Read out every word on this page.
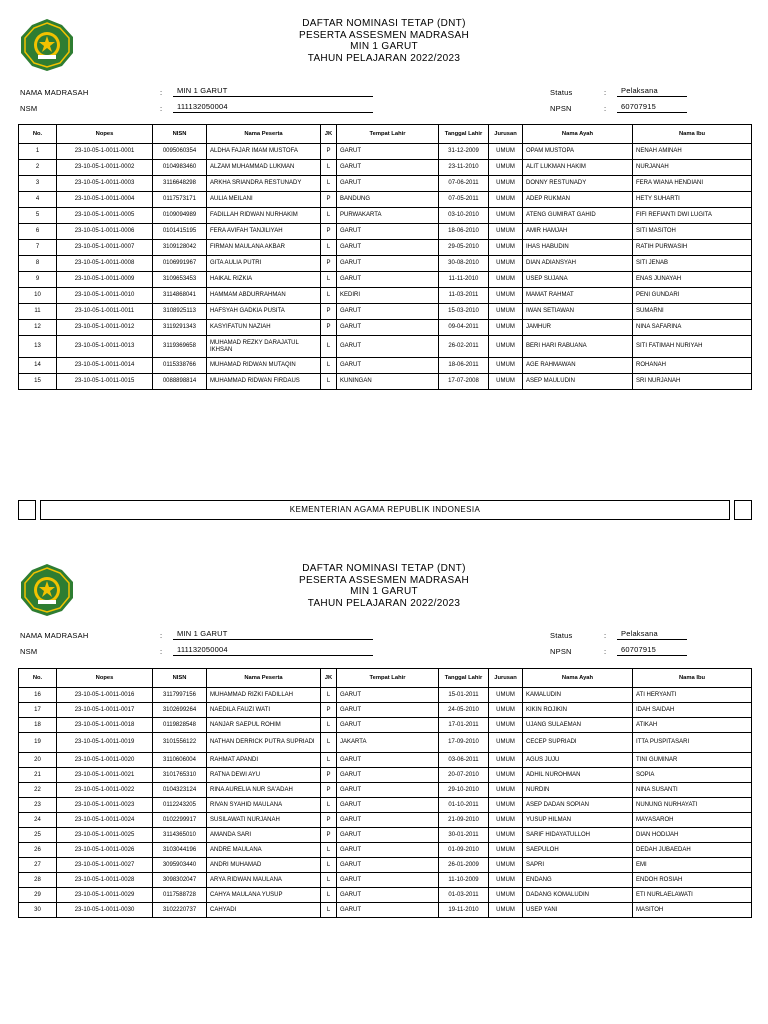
DAFTAR NOMINASI TETAP (DNT)
PESERTA ASSESMEN MADRASAH
MIN 1 GARUT
TAHUN PELAJARAN 2022/2023
NAMA MADRASAH	: MIN 1 GARUT
NSM	: 111132050004
Status	: Pelaksana
NPSN	: 60707915
No.	Nopes	NISN	Nama Peserta	JK	Tempat Lahir	Tanggal Lahir	Jurusan	Nama Ayah	Nama Ibu
1	23-10-05-1-0011-0001	0095060354	ALDHA FAJAR IMAM MUSTOFA	P	GARUT	31-12-2009	UMUM	OPAM MUSTOPA	NENAH AMINAH
2	23-10-05-1-0011-0002	0104983460	ALZAM MUHAMMAD LUKMAN	L	GARUT	23-11-2010	UMUM	ALIT LUKMAN HAKIM	NURJANAH
3	23-10-05-1-0011-0003	3116648298	ARKHA SRIANDRA RESTUNADY	L	GARUT	07-06-2011	UMUM	DONNY RESTUNADY	FERA WIANA HENDIANI
4	23-10-05-1-0011-0004	0117573171	AULIA MEILANI	P	BANDUNG	07-05-2011	UMUM	ADEP RUKMAN	HETY SUHARTI
5	23-10-05-1-0011-0005	0109094989	FADILLAH RIDWAN NURHAKIM	L	PURWAKARTA	03-10-2010	UMUM	ATENG GUMIRAT GAHID	FIFI REFIANTI DWI LUGITA
6	23-10-05-1-0011-0006	0101415195	FERA AVIFAH TANJILIYAH	P	GARUT	18-06-2010	UMUM	AMIR HAMJAH	SITI MASITOH
7	23-10-05-1-0011-0007	3109128042	FIRMAN MAULANA AKBAR	L	GARUT	29-05-2010	UMUM	IHAS HABUDIN	RATIH PURWASIH
8	23-10-05-1-0011-0008	0106991967	GITA AULIA PUTRI	P	GARUT	30-08-2010	UMUM	DIAN ADIANSYAH	SITI JENAB
9	23-10-05-1-0011-0009	3109653453	HAIKAL RIZKIA	L	GARUT	11-11-2010	UMUM	USEP SUJANA	ENAS JUNAYAH
10	23-10-05-1-0011-0010	3114868041	HAMMAM ABDURRAHMAN	L	KEDIRI	11-03-2011	UMUM	MAMAT RAHMAT	PENI GUNDARI
11	23-10-05-1-0011-0011	3108925113	HAFSYAH GADKIA PUSITA	P	GARUT	15-03-2010	UMUM	IWAN SETIAWAN	SUMARNI
12	23-10-05-1-0011-0012	3119291343	KASYIFATUN NAZIAH	P	GARUT	09-04-2011	UMUM	JAMHUR	NINA SAFARINA
13	23-10-05-1-0011-0013	3119369658	MUHAMAD REZKY DARAJATUL IKHSAN	L	GARUT	26-02-2011	UMUM	BERI HARI RABUANA	SITI FATIMAH NURIYAH
14	23-10-05-1-0011-0014	0115338766	MUHAMAD RIDWAN MUTAQIN	L	GARUT	18-06-2011	UMUM	AGE RAHMAWAN	ROHANAH
15	23-10-05-1-0011-0015	0088898814	MUHAMMAD RIDWAN FIRDAUS	L	KUNINGAN	17-07-2008	UMUM	ASEP MAULUDIN	SRI NURJANAH
KEMENTERIAN AGAMA REPUBLIK INDONESIA
DAFTAR NOMINASI TETAP (DNT)
PESERTA ASSESMEN MADRASAH
MIN 1 GARUT
TAHUN PELAJARAN 2022/2023
NAMA MADRASAH	: MIN 1 GARUT
NSM	: 111132050004
Status	: Pelaksana
NPSN	: 60707915
No.	Nopes	NISN	Nama Peserta	JK	Tempat Lahir	Tanggal Lahir	Jurusan	Nama Ayah	Nama Ibu
16	23-10-05-1-0011-0016	3117997156	MUHAMMAD RIZKI FADILLAH	L	GARUT	15-01-2011	UMUM	KAMALUDIN	ATI HERYANTI
17	23-10-05-1-0011-0017	3102699264	NAEDILA FAUZI WATI	P	GARUT	24-05-2010	UMUM	KIKIN ROJIKIN	IDAH SAIDAH
18	23-10-05-1-0011-0018	0119828548	NANJAR SAEPUL ROHIM	L	GARUT	17-01-2011	UMUM	UJANG SULAEMAN	ATIKAH
19	23-10-05-1-0011-0019	3101556122	NATHAN DERRICK PUTRA SUPRIADI	L	JAKARTA	17-09-2010	UMUM	CECEP SUPRIADI	ITTA PUSPITASARI
20	23-10-05-1-0011-0020	3110606004	RAHMAT APANDI	L	GARUT	03-06-2011	UMUM	AGUS JUJU	TINI GUMINAR
21	23-10-05-1-0011-0021	3101765310	RATNA DEWI AYU	P	GARUT	20-07-2010	UMUM	ADHIL NUROHMAN	SOPIA
22	23-10-05-1-0011-0022	0104323124	RINA AURELIA NUR SA'ADAH	P	GARUT	29-10-2010	UMUM	NURDIN	NINA SUSANTI
23	23-10-05-1-0011-0023	0112243205	RIVAN SYAHID MAULANA	L	GARUT	01-10-2011	UMUM	ASEP DADAN SOPIAN	NUNUNG NURHAYATI
24	23-10-05-1-0011-0024	0102299917	SUSILAWATI NURJANAH	P	GARUT	21-09-2010	UMUM	YUSUP HILMAN	MAYASAROH
25	23-10-05-1-0011-0025	3114365010	AMANDA SARI	P	GARUT	30-01-2011	UMUM	SARIF HIDAYATULLOH	DIAN HODIJAH
26	23-10-05-1-0011-0026	3103044196	ANDRE MAULANA	L	GARUT	01-09-2010	UMUM	SAEPULOH	DEDAH JUBAEDAH
27	23-10-05-1-0011-0027	3095903440	ANDRI MUHAMAD	L	GARUT	26-01-2009	UMUM	SAPRI	EMI
28	23-10-05-1-0011-0028	3098302047	ARYA RIDWAN MAULANA	L	GARUT	11-10-2009	UMUM	ENDANG	ENDOH ROSIAH
29	23-10-05-1-0011-0029	0117588728	CAHYA MAULANA YUSUP	L	GARUT	01-03-2011	UMUM	DADANG KOMALUDIN	ETI NURLAELAWATI
30	23-10-05-1-0011-0030	3102220737	CAHYADI	L	GARUT	19-11-2010	UMUM	USEP YANI	MASITOH
